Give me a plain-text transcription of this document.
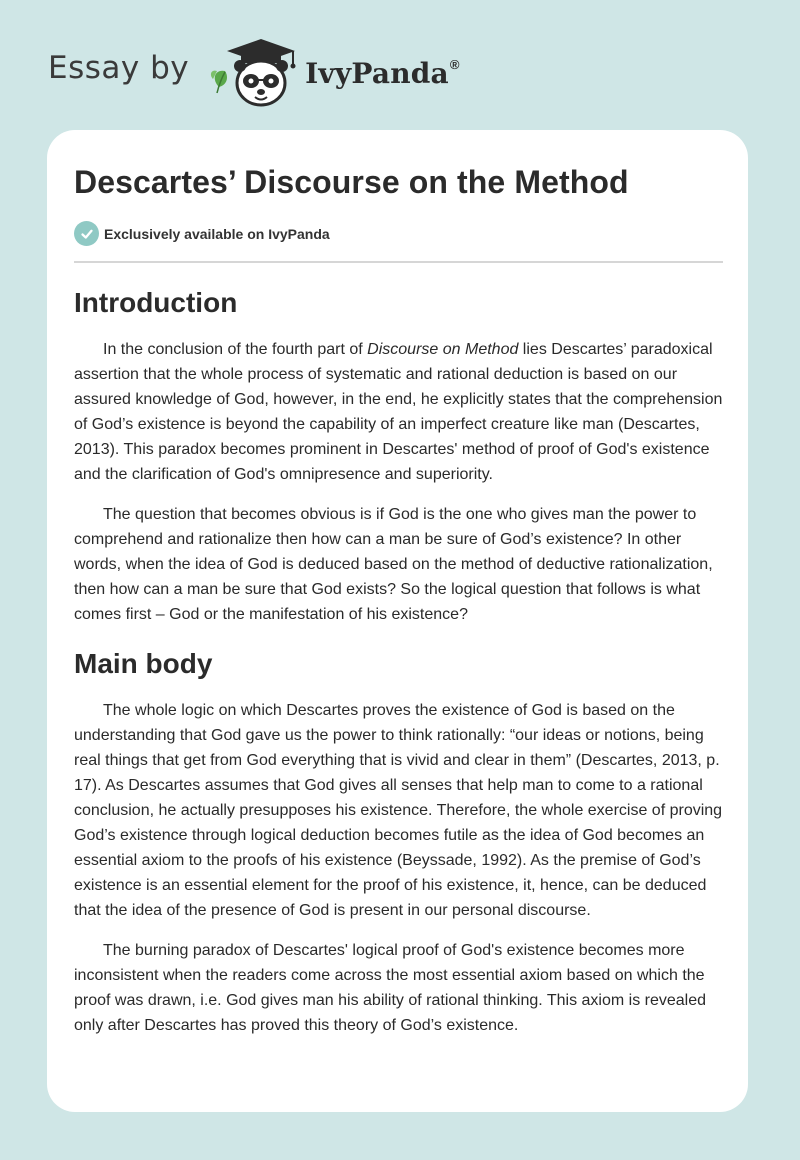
Essay by	IvyPanda®
Descartes’ Discourse on the Method
Exclusively available on IvyPanda
Introduction

In the conclusion of the fourth part of Discourse on Method lies Descartes’ paradoxical assertion that the whole process of systematic and rational deduction is based on our assured knowledge of God, however, in the end, he explicitly states that the comprehension of God’s existence is beyond the capability of an imperfect creature like man (Descartes, 2013). This paradox becomes prominent in Descartes' method of proof of God's existence and the clarification of God's omnipresence and superiority.

The question that becomes obvious is if God is the one who gives man the power to comprehend and rationalize then how can a man be sure of God’s existence? In other words, when the idea of God is deduced based on the method of deductive rationalization, then how can a man be sure that God exists? So the logical question that follows is what comes first – God or the manifestation of his existence?

Main body

The whole logic on which Descartes proves the existence of God is based on the understanding that God gave us the power to think rationally: “our ideas or notions, being real things that get from God everything that is vivid and clear in them” (Descartes, 2013, p. 17). As Descartes assumes that God gives all senses that help man to come to a rational conclusion, he actually presupposes his existence. Therefore, the whole exercise of proving God’s existence through logical deduction becomes futile as the idea of God becomes an essential axiom to the proofs of his existence (Beyssade, 1992). As the premise of God’s existence is an essential element for the proof of his existence, it, hence, can be deduced that the idea of the presence of God is present in our personal discourse.

The burning paradox of Descartes' logical proof of God's existence becomes more inconsistent when the readers come across the most essential axiom based on which the proof was drawn, i.e. God gives man his ability of rational thinking. This axiom is revealed only after Descartes has proved this theory of God’s existence.
